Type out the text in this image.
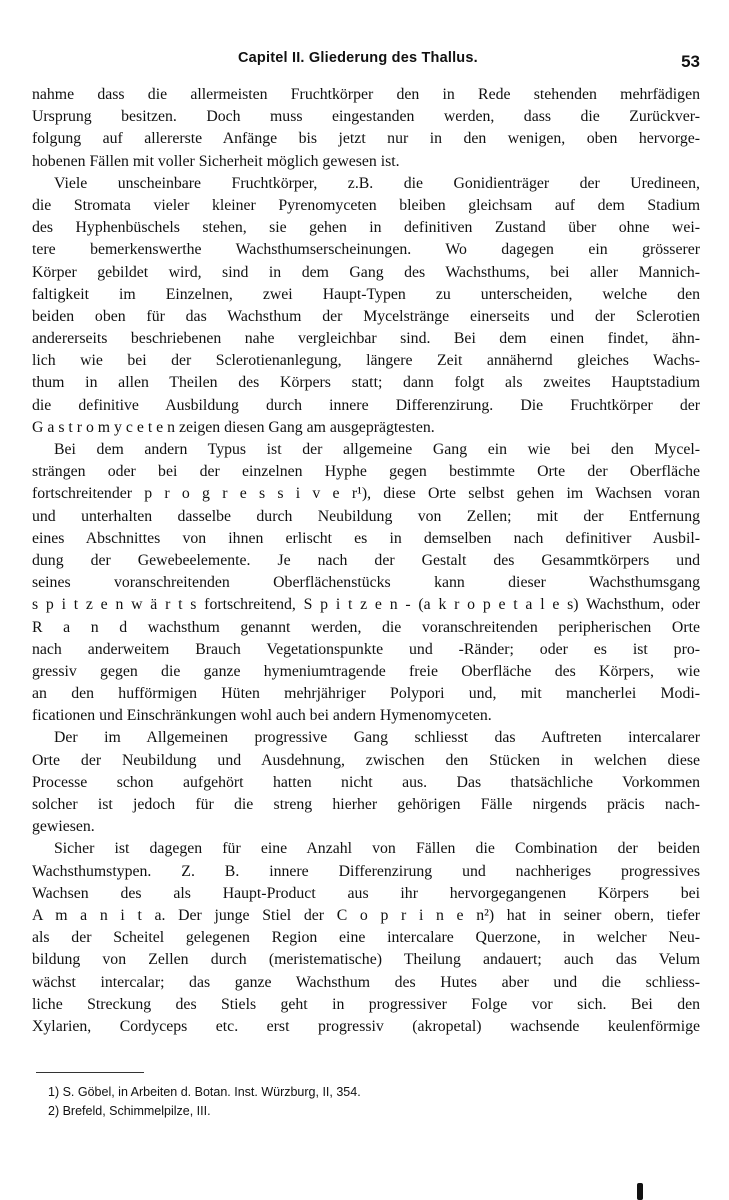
Capitel II. Gliederung des Thallus.	53
nahme dass die allermeisten Fruchtkörper den in Rede stehenden mehrfädigen
Ursprung besitzen. Doch muss eingestanden werden, dass die Zurückver-
folgung auf allererste Anfänge bis jetzt nur in den wenigen, oben hervorge-
hobenen Fällen mit voller Sicherheit möglich gewesen ist.
Viele unscheinbare Fruchtkörper, z.B. die Gonidienträger der Uredineen,
die Stromata vieler kleiner Pyrenomyceten bleiben gleichsam auf dem Stadium
des Hyphenbüschels stehen, sie gehen in definitiven Zustand über ohne wei-
tere bemerkenswerthe Wachsthumserscheinungen. Wo dagegen ein grösserer
Körper gebildet wird, sind in dem Gang des Wachsthums, bei aller Mannich-
faltigkeit im Einzelnen, zwei Haupt-Typen zu unterscheiden, welche den
beiden oben für das Wachsthum der Mycelstränge einerseits und der Sclerotien
andererseits beschriebenen nahe vergleichbar sind. Bei dem einen findet, ähn-
lich wie bei der Sclerotienanlegung, längere Zeit annähernd gleiches Wachs-
thum in allen Theilen des Körpers statt; dann folgt als zweites Hauptstadium
die definitive Ausbildung durch innere Differenzirung. Die Fruchtkörper der
G a s t r o m y c e t e n zeigen diesen Gang am ausgeprägtesten.
Bei dem andern Typus ist der allgemeine Gang ein wie bei den Mycel-
strängen oder bei der einzelnen Hyphe gegen bestimmte Orte der Oberfläche
fortschreitender p r o g r e s s i v e r¹), diese Orte selbst gehen im Wachsen voran
und unterhalten dasselbe durch Neubildung von Zellen; mit der Entfernung
eines Abschnittes von ihnen erlischt es in demselben nach definitiver Ausbil-
dung der Gewebeelemente. Je nach der Gestalt des Gesammtkörpers und
seines voranschreitenden Oberflächenstücks kann dieser Wachsthumsgang
s p i t z e n w ä r t s fortschreitend, S p i t z e n - (a k r o p e t a l e s) Wachsthum, oder
R a n d wachsthum genannt werden, die voranschreitenden peripherischen Orte
nach anderweitem Brauch Vegetationspunkte und -Ränder; oder es ist pro-
gressiv gegen die ganze hymeniumtragende freie Oberfläche des Körpers, wie
an den hufförmigen Hüten mehrjähriger Polypori und, mit mancherlei Modi-
ficationen und Einschränkungen wohl auch bei andern Hymenomyceten.
Der im Allgemeinen progressive Gang schliesst das Auftreten intercalarer
Orte der Neubildung und Ausdehnung, zwischen den Stücken in welchen diese
Processe schon aufgehört hatten nicht aus. Das thatsächliche Vorkommen
solcher ist jedoch für die streng hierher gehörigen Fälle nirgends präcis nach-
gewiesen.
Sicher ist dagegen für eine Anzahl von Fällen die Combination der beiden
Wachsthumstypen. Z. B. innere Differenzirung und nachheriges progressives
Wachsen des als Haupt-Product aus ihr hervorgegangenen Körpers bei
A m a n i t a. Der junge Stiel der C o p r i n e n²) hat in seiner obern, tiefer
als der Scheitel gelegenen Region eine intercalare Querzone, in welcher Neu-
bildung von Zellen durch (meristematische) Theilung andauert; auch das Velum
wächst intercalar; das ganze Wachsthum des Hutes aber und die schliess-
liche Streckung des Stiels geht in progressiver Folge vor sich. Bei den
Xylarien, Cordyceps etc. erst progressiv (akropetal) wachsende keulenförmige
1) S. Göbel, in Arbeiten d. Botan. Inst. Würzburg, II, 354.
2) Brefeld, Schimmelpilze, III.
